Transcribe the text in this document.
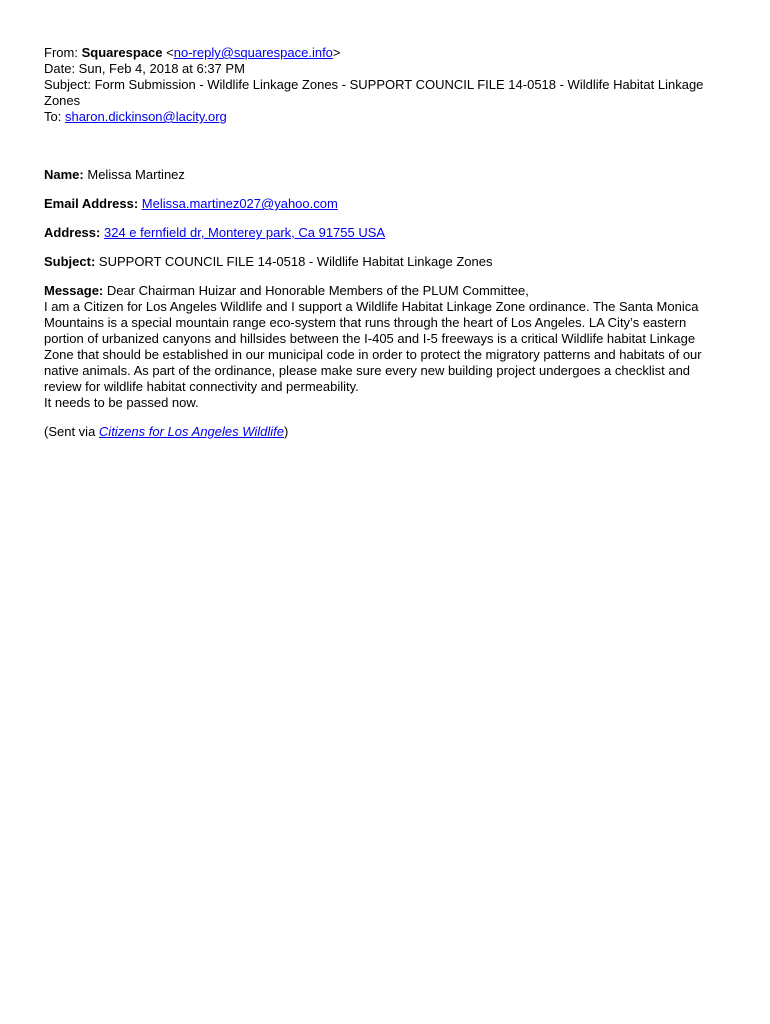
From: Squarespace <no-reply@squarespace.info>
Date: Sun, Feb 4, 2018 at 6:37 PM
Subject: Form Submission - Wildlife Linkage Zones - SUPPORT COUNCIL FILE 14-0518 - Wildlife Habitat Linkage
Zones
To: sharon.dickinson@lacity.org
Name: Melissa Martinez
Email Address: Melissa.martinez027@yahoo.com
Address: 324 e fernfield dr, Monterey park, Ca 91755 USA
Subject: SUPPORT COUNCIL FILE 14-0518 - Wildlife Habitat Linkage Zones
Message: Dear Chairman Huizar and Honorable Members of the PLUM Committee,
I am a Citizen for Los Angeles Wildlife and I support a Wildlife Habitat Linkage Zone ordinance. The Santa Monica
Mountains is a special mountain range eco-system that runs through the heart of Los Angeles. LA City’s eastern
portion of urbanized canyons and hillsides between the I-405 and I-5 freeways is a critical Wildlife habitat Linkage
Zone that should be established in our municipal code in order to protect the migratory patterns and habitats of our
native animals. As part of the ordinance, please make sure every new building project undergoes a checklist and
review for wildlife habitat connectivity and permeability.
It needs to be passed now.
(Sent via Citizens for Los Angeles Wildlife)
